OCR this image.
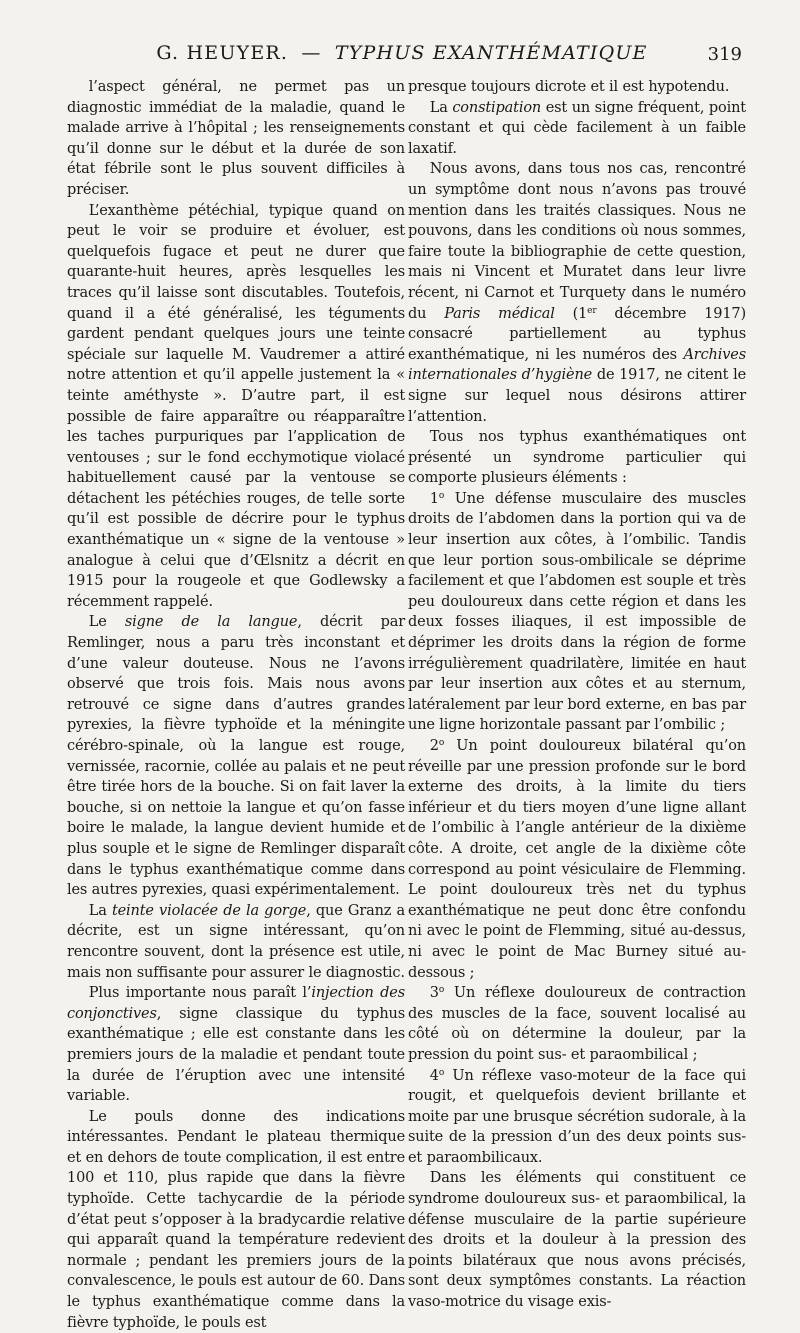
G. HEUYER. — TYPHUS EXANTHÉMATIQUE	319

l’aspect général, ne permet pas un diagnostic immédiat de la maladie, quand le malade arrive à l’hôpital ; les renseignements qu’il donne sur le début et la durée de son état fébrile sont le plus souvent difficiles à préciser.

L’exanthème pétéchial, typique quand on peut le voir se produire et évoluer, est quelquefois fugace et peut ne durer que quarante-huit heures, après lesquelles les traces qu’il laisse sont discutables. Toutefois, quand il a été généralisé, les téguments gardent pendant quelques jours une teinte spéciale sur laquelle M. Vaudremer a attiré notre attention et qu’il appelle justement la « teinte améthyste ». D’autre part, il est possible de faire apparaître ou réapparaître les taches purpuriques par l’application de ventouses ; sur le fond ecchymotique violacé habituellement causé par la ventouse se détachent les pétéchies rouges, de telle sorte qu’il est possible de décrire pour le typhus exanthématique un « signe de la ventouse » analogue à celui que d’Œlsnitz a décrit en 1915 pour la rougeole et que Godlewsky a récemment rappelé.

Le signe de la langue, décrit par Remlinger, nous a paru très inconstant et d’une valeur douteuse. Nous ne l’avons observé que trois fois. Mais nous avons retrouvé ce signe dans d’autres grandes pyrexies, la fièvre typhoïde et la méningite cérébro-spinale, où la langue est rouge, vernissée, racornie, collée au palais et ne peut être tirée hors de la bouche. Si on fait laver la bouche, si on nettoie la langue et qu’on fasse boire le malade, la langue devient humide et plus souple et le signe de Remlinger disparaît dans le typhus exanthématique comme dans les autres pyrexies, quasi expérimentalement.

La teinte violacée de la gorge, que Granz a décrite, est un signe intéressant, qu’on rencontre souvent, dont la présence est utile, mais non suffisante pour assurer le diagnostic.

Plus importante nous paraît l’injection des conjonctives, signe classique du typhus exanthématique ; elle est constante dans les premiers jours de la maladie et pendant toute la durée de l’éruption avec une intensité variable.

Le pouls donne des indications intéressantes. Pendant le plateau thermique et en dehors de toute complication, il est entre 100 et 110, plus rapide que dans la fièvre typhoïde. Cette tachycardie de la période d’état peut s’opposer à la bradycardie relative qui apparaît quand la température redevient normale ; pendant les premiers jours de la convalescence, le pouls est autour de 60. Dans le typhus exanthématique comme dans la fièvre typhoïde, le pouls est

presque toujours dicrote et il est hypotendu.

La constipation est un signe fréquent, point constant et qui cède facilement à un faible laxatif.

Nous avons, dans tous nos cas, rencontré un symptôme dont nous n’avons pas trouvé mention dans les traités classiques. Nous ne pouvons, dans les conditions où nous sommes, faire toute la bibliographie de cette question, mais ni Vincent et Muratet dans leur livre récent, ni Carnot et Turquety dans le numéro du Paris médical (1er décembre 1917) consacré partiellement au typhus exanthématique, ni les numéros des Archives internationales d’hygiène de 1917, ne citent le signe sur lequel nous désirons attirer l’attention.

Tous nos typhus exanthématiques ont présenté un syndrome particulier qui comporte plusieurs éléments :

1$^o$ Une défense musculaire des muscles droits de l’abdomen dans la portion qui va de leur insertion aux côtes, à l’ombilic. Tandis que leur portion sous-ombilicale se déprime facilement et que l’abdomen est souple et très peu douloureux dans cette région et dans les deux fosses iliaques, il est impossible de déprimer les droits dans la région de forme irrégulièrement quadrilatère, limitée en haut par leur insertion aux côtes et au sternum, latéralement par leur bord externe, en bas par une ligne horizontale passant par l’ombilic ;

2$^o$ Un point douloureux bilatéral qu’on réveille par une pression profonde sur le bord externe des droits, à la limite du tiers inférieur et du tiers moyen d’une ligne allant de l’ombilic à l’angle antérieur de la dixième côte. A droite, cet angle de la dixième côte correspond au point vésiculaire de Flemming. Le point douloureux très net du typhus exanthématique ne peut donc être confondu ni avec le point de Flemming, situé au-dessus, ni avec le point de Mac Burney situé au-dessous ;

3$^o$ Un réflexe douloureux de contraction des muscles de la face, souvent localisé au côté où on détermine la douleur, par la pression du point sus- et paraombilical ;

4$^o$ Un réflexe vaso-moteur de la face qui rougit, et quelquefois devient brillante et moite par une brusque sécrétion sudorale, à la suite de la pression d’un des deux points sus- et paraombilicaux.

Dans les éléments qui constituent ce syndrome douloureux sus- et paraombilical, la défense musculaire de la partie supérieure des droits et la douleur à la pression des points bilatéraux que nous avons précisés, sont deux symptômes constants. La réaction vaso-motrice du visage exis-
